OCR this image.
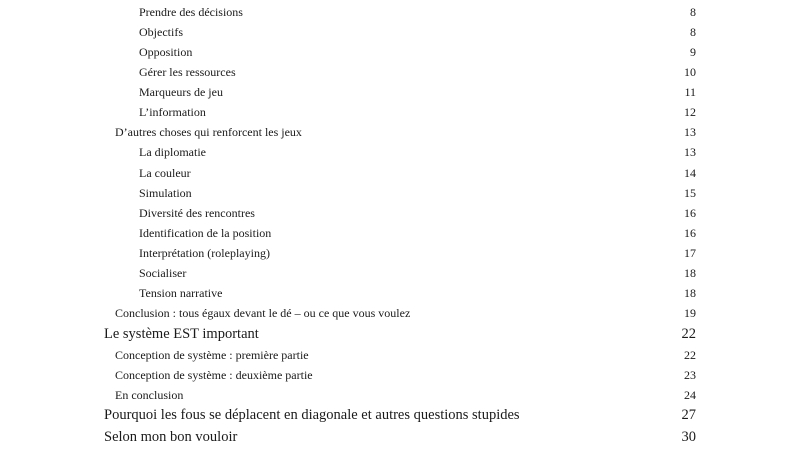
Prendre des décisions	8
Objectifs	8
Opposition	9
Gérer les ressources	10
Marqueurs de jeu	11
L’information	12
D’autres choses qui renforcent les jeux	13
La diplomatie	13
La couleur	14
Simulation	15
Diversité des rencontres	16
Identification de la position	16
Interprétation (roleplaying)	17
Socialiser	18
Tension narrative	18
Conclusion : tous égaux devant le dé – ou ce que vous voulez	19
Le système EST important	22
Conception de système : première partie	22
Conception de système : deuxième partie	23
En conclusion	24
Pourquoi les fous se déplacent en diagonale et autres questions stupides	27
Selon mon bon vouloir	30
